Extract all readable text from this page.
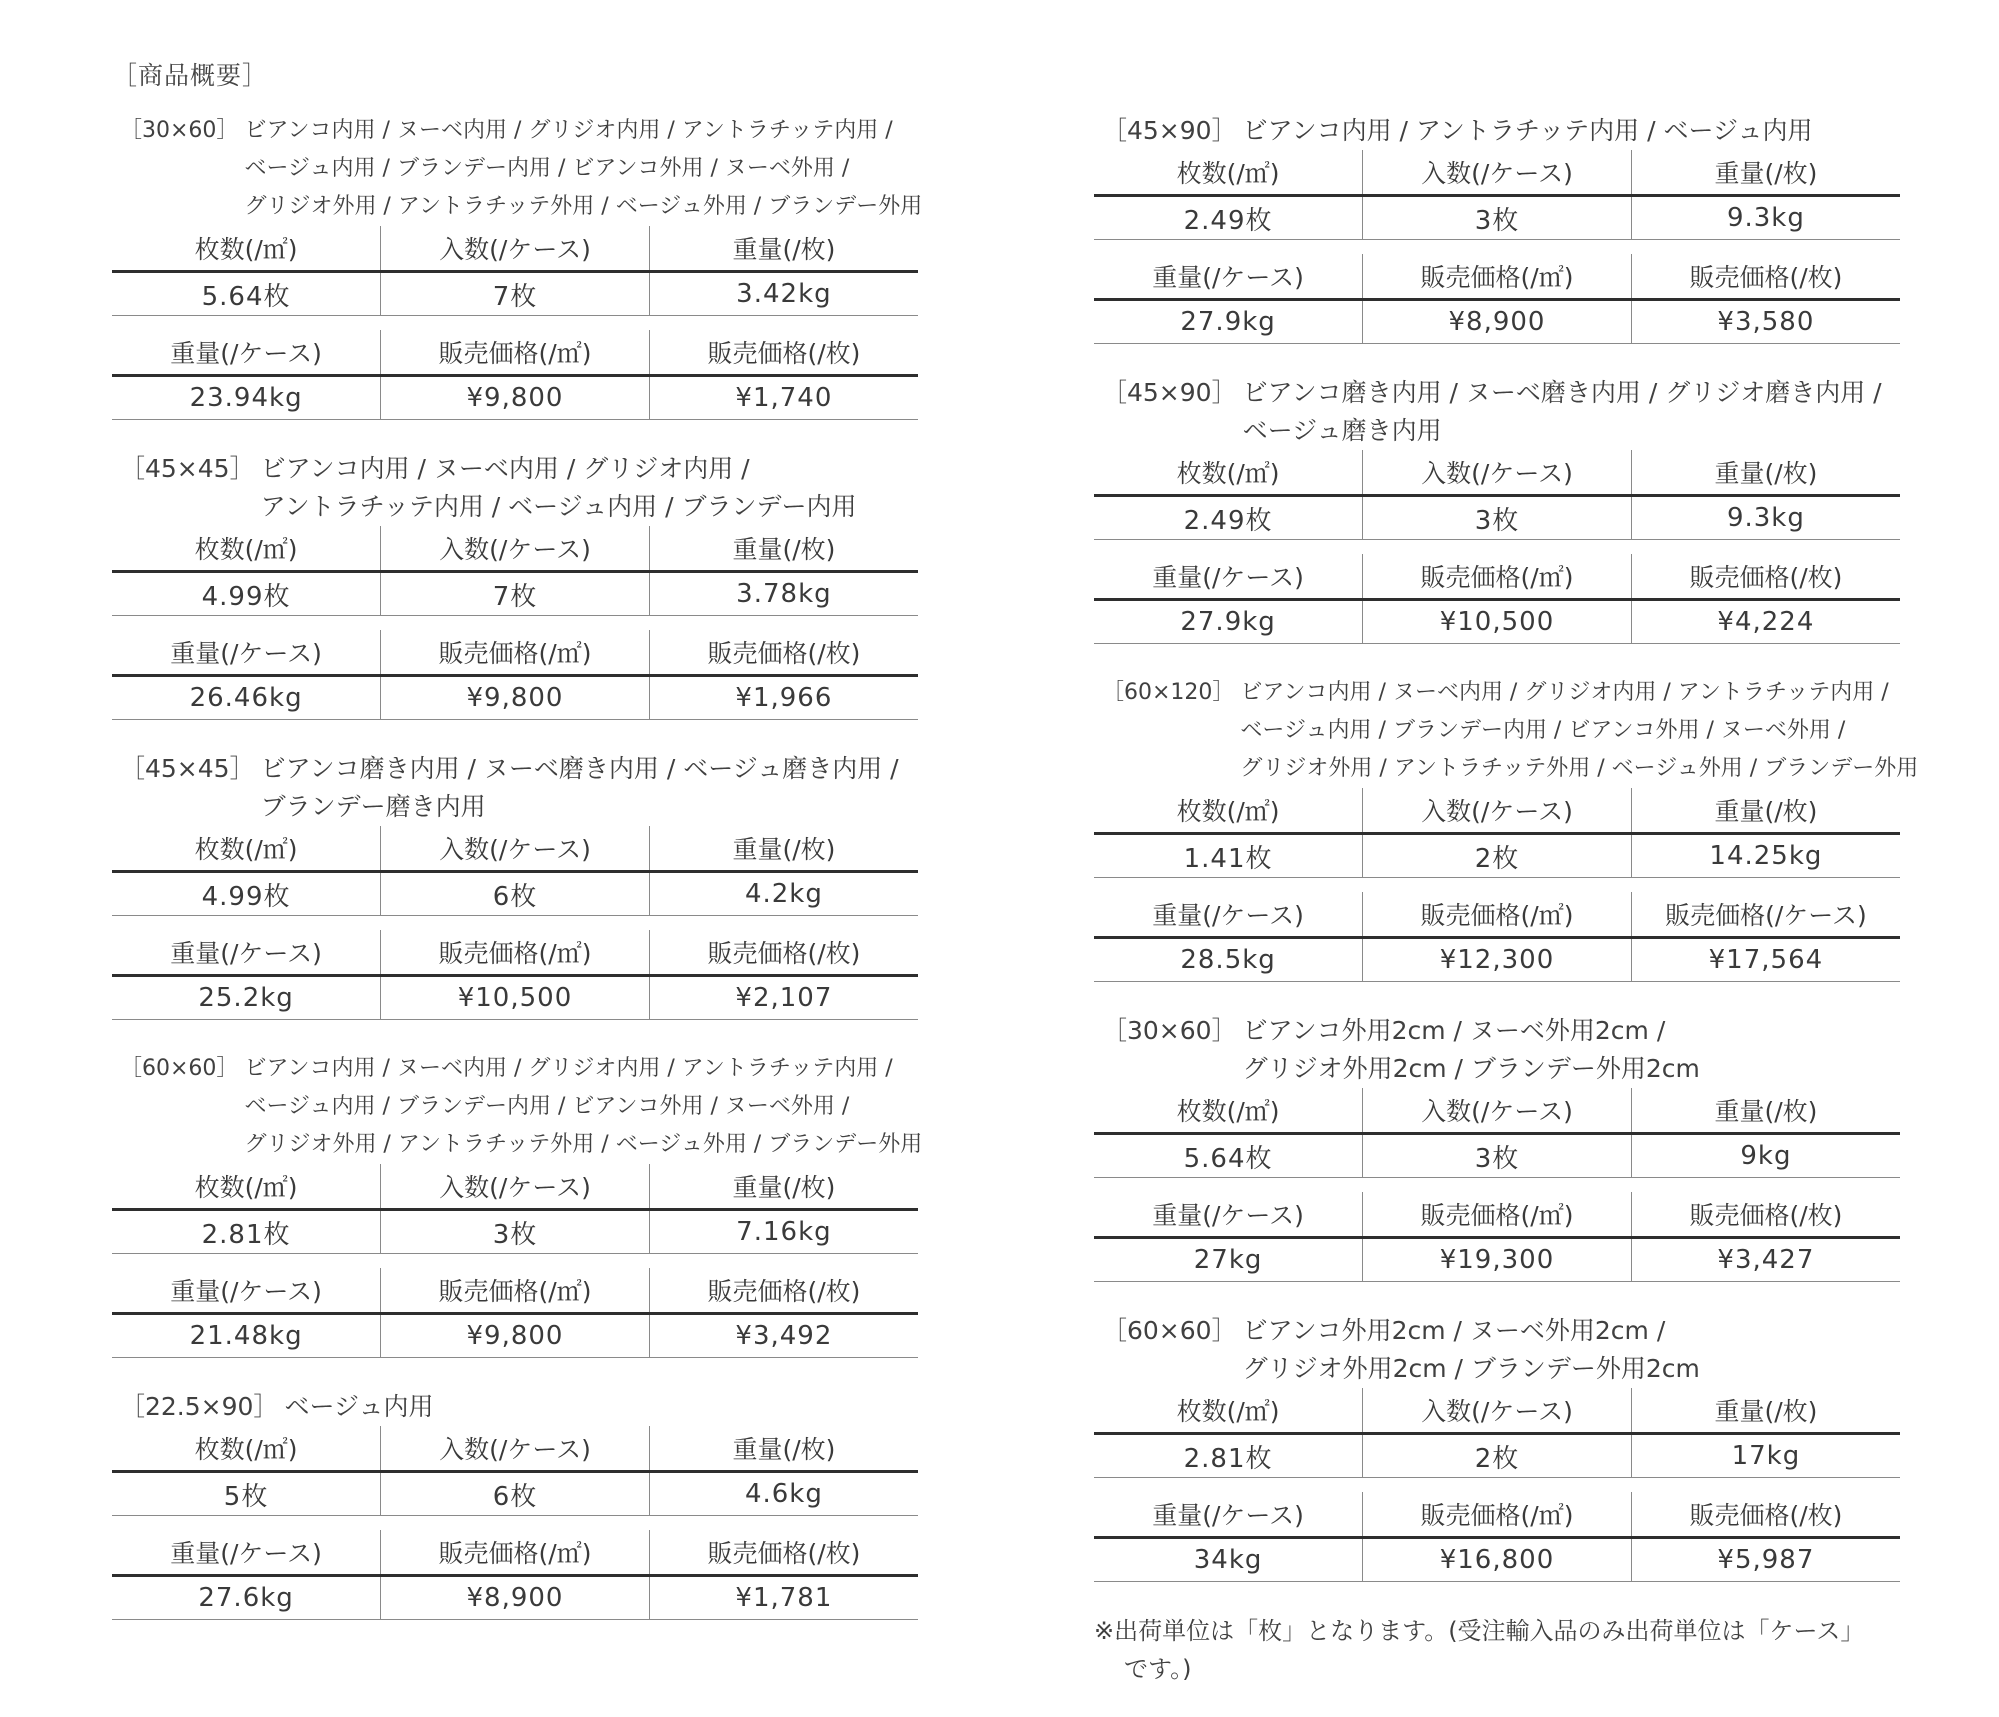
［商品概要］
［30×60］ ビアンコ内用 / ヌーベ内用 / グリジオ内用 / アントラチッテ内用 /
ベージュ内用 / ブランデー内用 / ビアンコ外用 / ヌーベ外用 /
グリジオ外用 / アントラチッテ外用 / ベージュ外用 / ブランデー外用
枚数(/㎡)	入数(/ケース)	重量(/枚)
5.64枚	7枚	3.42kg
重量(/ケース)	販売価格(/㎡)	販売価格(/枚)
23.94kg	¥9,800	¥1,740
［45×45］ ビアンコ内用 / ヌーベ内用 / グリジオ内用 /
アントラチッテ内用 / ベージュ内用 / ブランデー内用
枚数(/㎡)	入数(/ケース)	重量(/枚)
4.99枚	7枚	3.78kg
重量(/ケース)	販売価格(/㎡)	販売価格(/枚)
26.46kg	¥9,800	¥1,966
［45×45］ ビアンコ磨き内用 / ヌーベ磨き内用 / ベージュ磨き内用 /
ブランデー磨き内用
枚数(/㎡)	入数(/ケース)	重量(/枚)
4.99枚	6枚	4.2kg
重量(/ケース)	販売価格(/㎡)	販売価格(/枚)
25.2kg	¥10,500	¥2,107
［60×60］ ビアンコ内用 / ヌーベ内用 / グリジオ内用 / アントラチッテ内用 /
ベージュ内用 / ブランデー内用 / ビアンコ外用 / ヌーベ外用 /
グリジオ外用 / アントラチッテ外用 / ベージュ外用 / ブランデー外用
枚数(/㎡)	入数(/ケース)	重量(/枚)
2.81枚	3枚	7.16kg
重量(/ケース)	販売価格(/㎡)	販売価格(/枚)
21.48kg	¥9,800	¥3,492
［22.5×90］ ベージュ内用
枚数(/㎡)	入数(/ケース)	重量(/枚)
5枚	6枚	4.6kg
重量(/ケース)	販売価格(/㎡)	販売価格(/枚)
27.6kg	¥8,900	¥1,781
［45×90］ ビアンコ内用 / アントラチッテ内用 / ベージュ内用
枚数(/㎡)	入数(/ケース)	重量(/枚)
2.49枚	3枚	9.3kg
重量(/ケース)	販売価格(/㎡)	販売価格(/枚)
27.9kg	¥8,900	¥3,580
［45×90］ ビアンコ磨き内用 / ヌーベ磨き内用 / グリジオ磨き内用 /
ベージュ磨き内用
枚数(/㎡)	入数(/ケース)	重量(/枚)
2.49枚	3枚	9.3kg
重量(/ケース)	販売価格(/㎡)	販売価格(/枚)
27.9kg	¥10,500	¥4,224
［60×120］ ビアンコ内用 / ヌーベ内用 / グリジオ内用 / アントラチッテ内用 /
ベージュ内用 / ブランデー内用 / ビアンコ外用 / ヌーベ外用 /
グリジオ外用 / アントラチッテ外用 / ベージュ外用 / ブランデー外用
枚数(/㎡)	入数(/ケース)	重量(/枚)
1.41枚	2枚	14.25kg
重量(/ケース)	販売価格(/㎡)	販売価格(/ケース)
28.5kg	¥12,300	¥17,564
［30×60］ ビアンコ外用2cm / ヌーベ外用2cm /
グリジオ外用2cm / ブランデー外用2cm
枚数(/㎡)	入数(/ケース)	重量(/枚)
5.64枚	3枚	9kg
重量(/ケース)	販売価格(/㎡)	販売価格(/枚)
27kg	¥19,300	¥3,427
［60×60］ ビアンコ外用2cm / ヌーベ外用2cm /
グリジオ外用2cm / ブランデー外用2cm
枚数(/㎡)	入数(/ケース)	重量(/枚)
2.81枚	2枚	17kg
重量(/ケース)	販売価格(/㎡)	販売価格(/枚)
34kg	¥16,800	¥5,987
※出荷単位は「枚」となります。(受注輸入品のみ出荷単位は「ケース」
です。)
